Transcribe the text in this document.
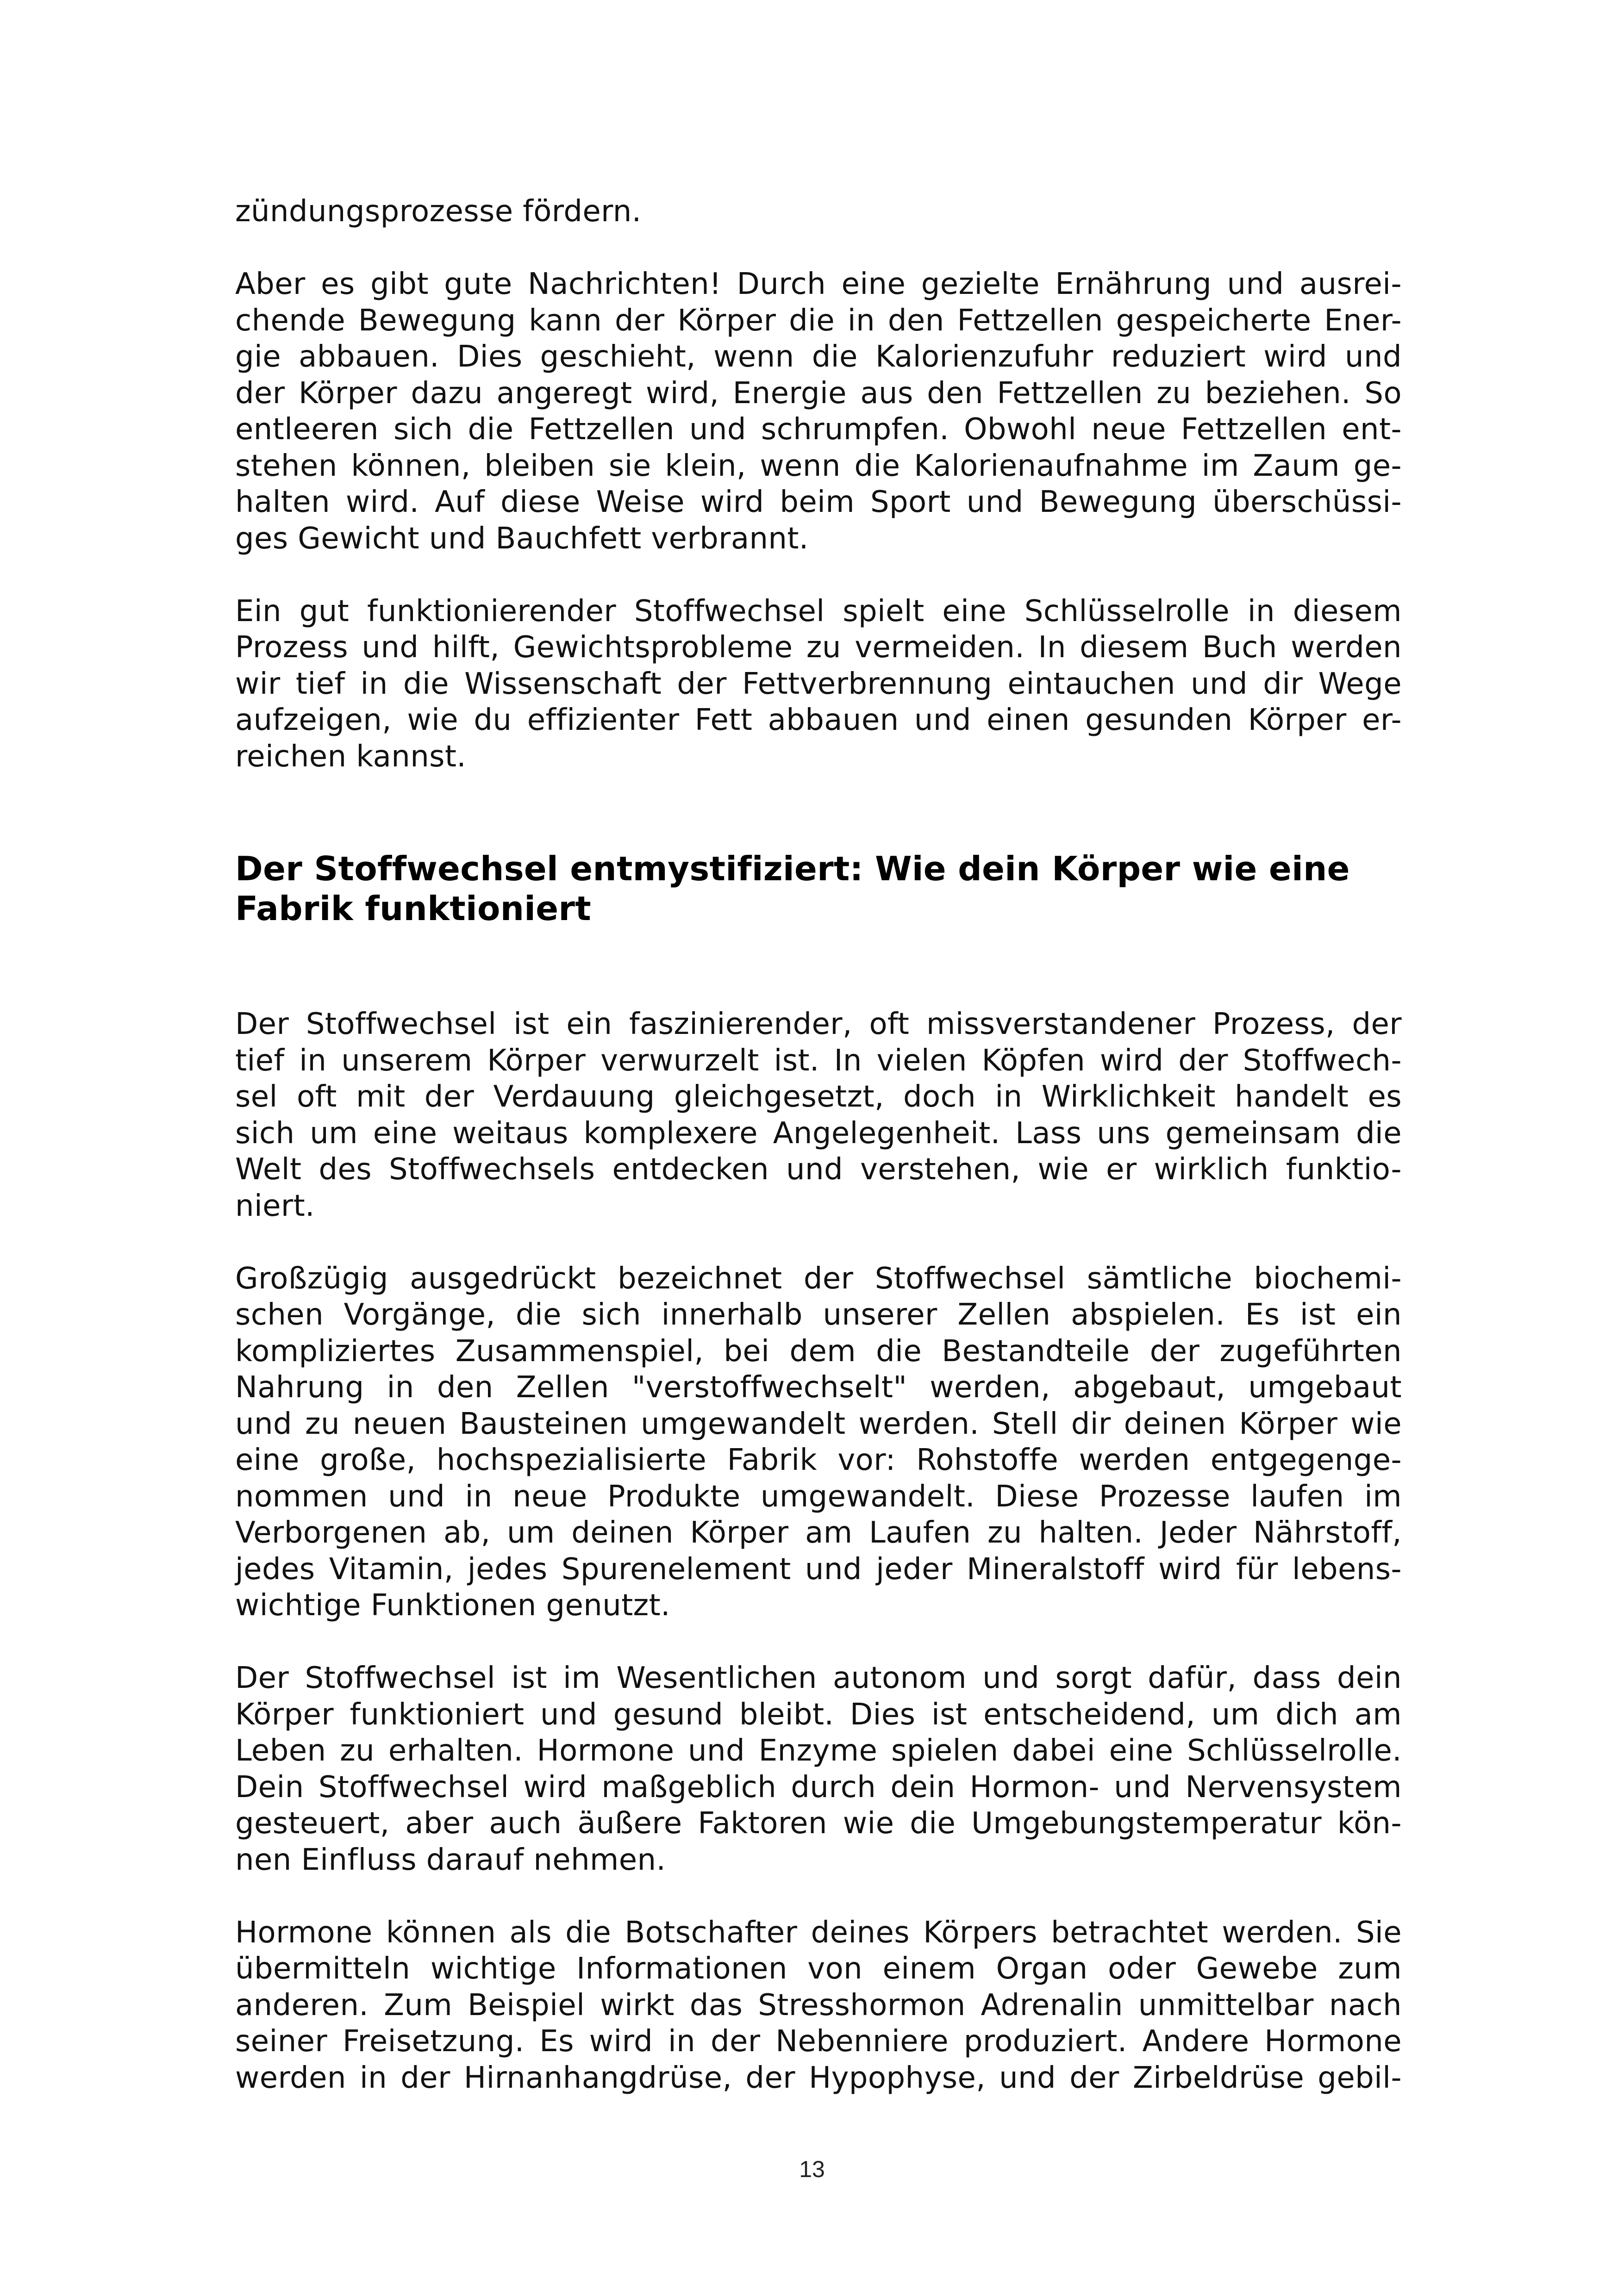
zündungsprozesse fördern.
Aber es gibt gute Nachrichten! Durch eine gezielte Ernährung und ausrei-
chende Bewegung kann der Körper die in den Fettzellen gespeicherte Ener-
gie abbauen. Dies geschieht, wenn die Kalorienzufuhr reduziert wird und
der Körper dazu angeregt wird, Energie aus den Fettzellen zu beziehen. So
entleeren sich die Fettzellen und schrumpfen. Obwohl neue Fettzellen ent-
stehen können, bleiben sie klein, wenn die Kalorienaufnahme im Zaum ge-
halten wird. Auf diese Weise wird beim Sport und Bewegung überschüssi-
ges Gewicht und Bauchfett verbrannt.
Ein gut funktionierender Stoffwechsel spielt eine Schlüsselrolle in diesem
Prozess und hilft, Gewichtsprobleme zu vermeiden. In diesem Buch werden
wir tief in die Wissenschaft der Fettverbrennung eintauchen und dir Wege
aufzeigen, wie du effizienter Fett abbauen und einen gesunden Körper er-
reichen kannst.
Der Stoffwechsel entmystifiziert: Wie dein Körper wie eine
Fabrik funktioniert
Der Stoffwechsel ist ein faszinierender, oft missverstandener Prozess, der
tief in unserem Körper verwurzelt ist. In vielen Köpfen wird der Stoffwech-
sel oft mit der Verdauung gleichgesetzt, doch in Wirklichkeit handelt es
sich um eine weitaus komplexere Angelegenheit. Lass uns gemeinsam die
Welt des Stoffwechsels entdecken und verstehen, wie er wirklich funktio-
niert.
Großzügig ausgedrückt bezeichnet der Stoffwechsel sämtliche biochemi-
schen Vorgänge, die sich innerhalb unserer Zellen abspielen. Es ist ein
kompliziertes Zusammenspiel, bei dem die Bestandteile der zugeführten
Nahrung in den Zellen "verstoffwechselt" werden, abgebaut, umgebaut
und zu neuen Bausteinen umgewandelt werden. Stell dir deinen Körper wie
eine große, hochspezialisierte Fabrik vor: Rohstoffe werden entgegenge-
nommen und in neue Produkte umgewandelt. Diese Prozesse laufen im
Verborgenen ab, um deinen Körper am Laufen zu halten. Jeder Nährstoff,
jedes Vitamin, jedes Spurenelement und jeder Mineralstoff wird für lebens-
wichtige Funktionen genutzt.
Der Stoffwechsel ist im Wesentlichen autonom und sorgt dafür, dass dein
Körper funktioniert und gesund bleibt. Dies ist entscheidend, um dich am
Leben zu erhalten. Hormone und Enzyme spielen dabei eine Schlüsselrolle.
Dein Stoffwechsel wird maßgeblich durch dein Hormon- und Nervensystem
gesteuert, aber auch äußere Faktoren wie die Umgebungstemperatur kön-
nen Einfluss darauf nehmen.
Hormone können als die Botschafter deines Körpers betrachtet werden. Sie
übermitteln wichtige Informationen von einem Organ oder Gewebe zum
anderen. Zum Beispiel wirkt das Stresshormon Adrenalin unmittelbar nach
seiner Freisetzung. Es wird in der Nebenniere produziert. Andere Hormone
werden in der Hirnanhangdrüse, der Hypophyse, und der Zirbeldrüse gebil-
13
